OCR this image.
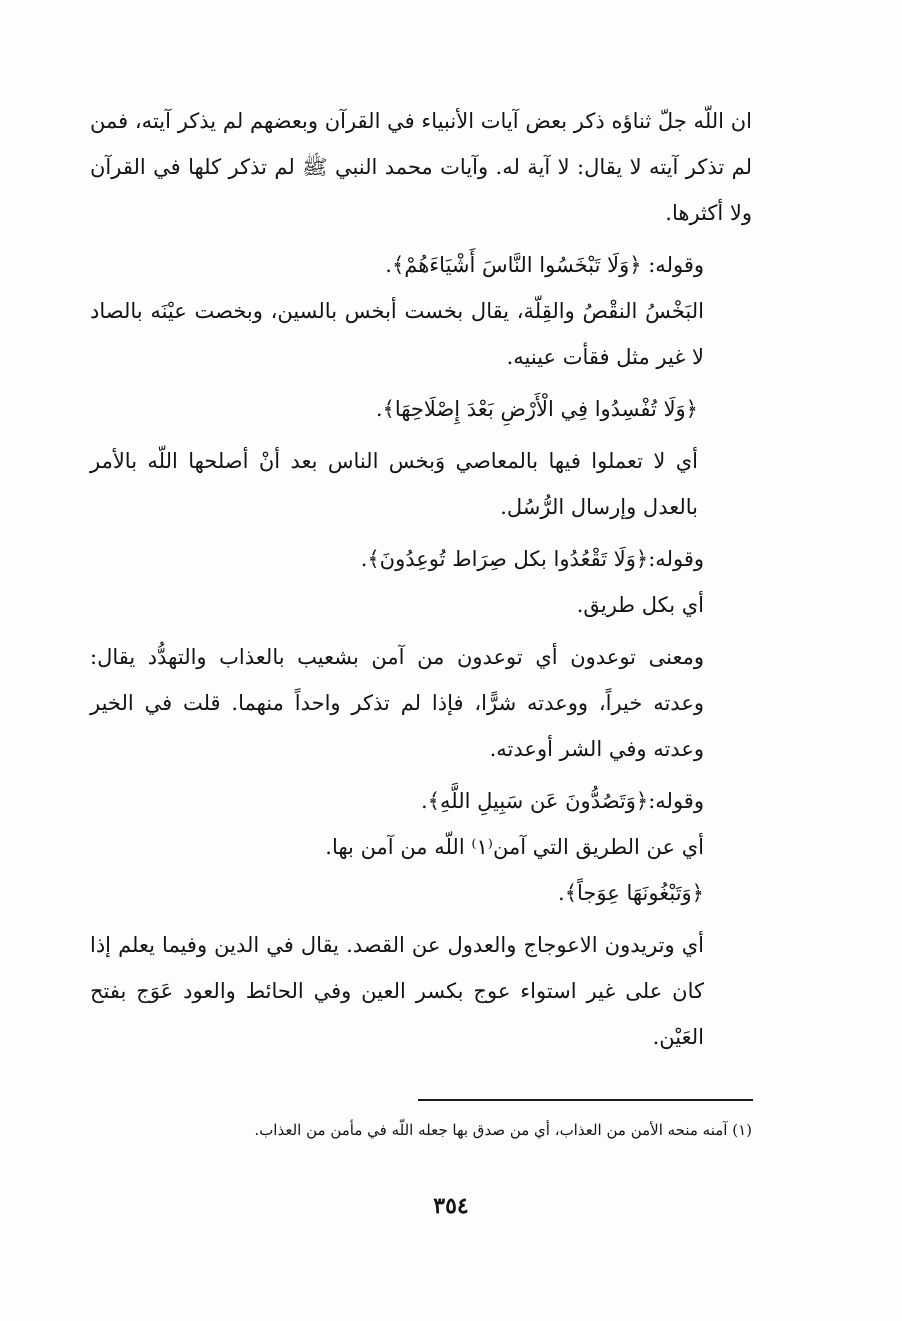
ان اللّه جلّ ثناؤه ذكر بعض آيات الأنبياء في القرآن وبعضهم لم يذكر آيته، فمن لم تذكر آيته لا يقال: لا آية له. وآيات محمد النبي ﷺ لم تذكر كلها في القرآن ولا أكثرها.

وقوله: ﴿وَلَا تَبْخَسُوا النَّاسَ أَشْيَاءَهُمْ﴾.

البَخْسُ النقْصُ والقِلّة، يقال بخست أبخس بالسين، وبخصت عيْنَه بالصاد لا غير مثل فقأت عينيه.

﴿وَلَا تُفْسِدُوا فِي الْأَرْضِ بَعْدَ إِصْلَاحِهَا﴾.

أي لا تعملوا فيها بالمعاصي وَبخس الناس بعد أنْ أصلحها اللّه بالأمر بالعدل وإرسال الرُّسُل.

وقوله:﴿وَلَا تَقْعُدُوا بكل صِرَاط تُوعِدُونَ﴾.

أي بكل طريق.

ومعنى توعدون أي توعدون من آمن بشعيب بالعذاب والتهدُّد يقال: وعدته خيراً، ووعدته شرًّا، فإذا لم تذكر واحداً منهما. قلت في الخير وعدته وفي الشر أوعدته.

وقوله:﴿وَتَصُدُّونَ عَن سَبِيلِ اللَّهِ﴾.

أي عن الطريق التي آمن⁽١⁾ اللّه من آمن بها.

﴿وَتَبْغُونَهَا عِوَجاً﴾.

أي وتريدون الاعوجاج والعدول عن القصد. يقال في الدين وفيما يعلم إذا كان على غير استواء عوج بكسر العين وفي الحائط والعود عَوَج بفتح العَيْن.

(١) آمنه منحه الأمن من العذاب، أي من صدق بها جعله اللّه في مأمن من العذاب.
٣٥٤
